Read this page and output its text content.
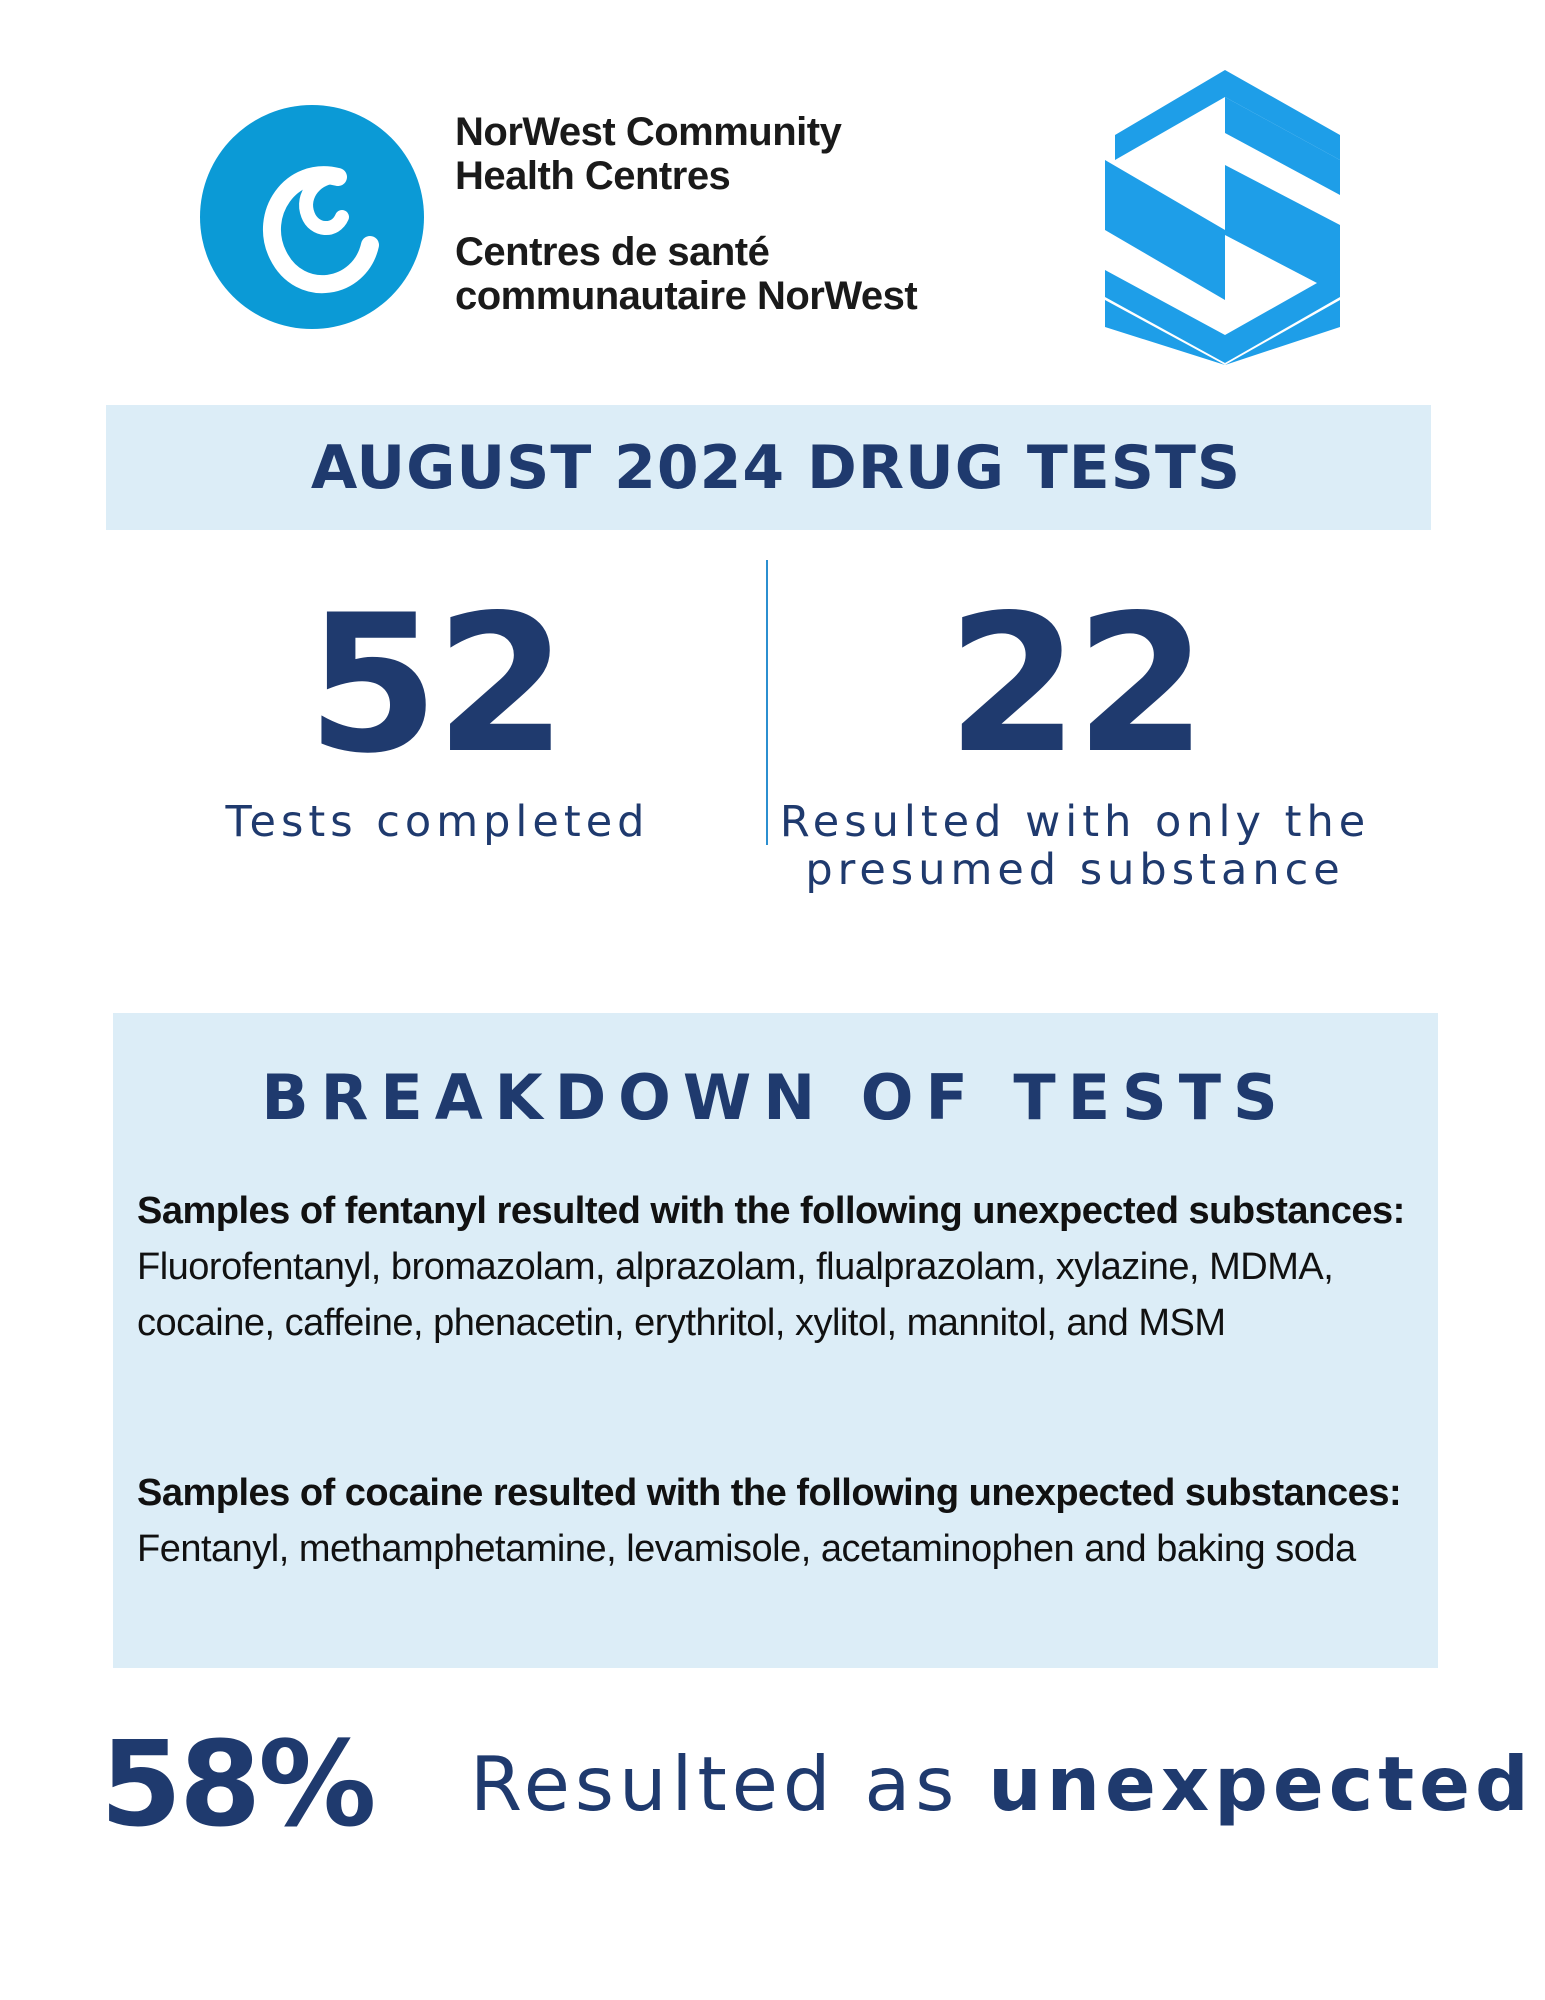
NorWest Community
Health Centres
Centres de santé
communautaire NorWest
AUGUST 2024 DRUG TESTS
52
Tests completed
22
Resulted with only the
presumed substance
BREAKDOWN OF TESTS
Samples of fentanyl resulted with the following unexpected substances: Fluorofentanyl, bromazolam, alprazolam, flualprazolam, xylazine, MDMA, cocaine, caffeine, phenacetin, erythritol, xylitol, mannitol, and MSM
Samples of cocaine resulted with the following unexpected substances: Fentanyl, methamphetamine, levamisole, acetaminophen and baking soda
58% Resulted as unexpected
